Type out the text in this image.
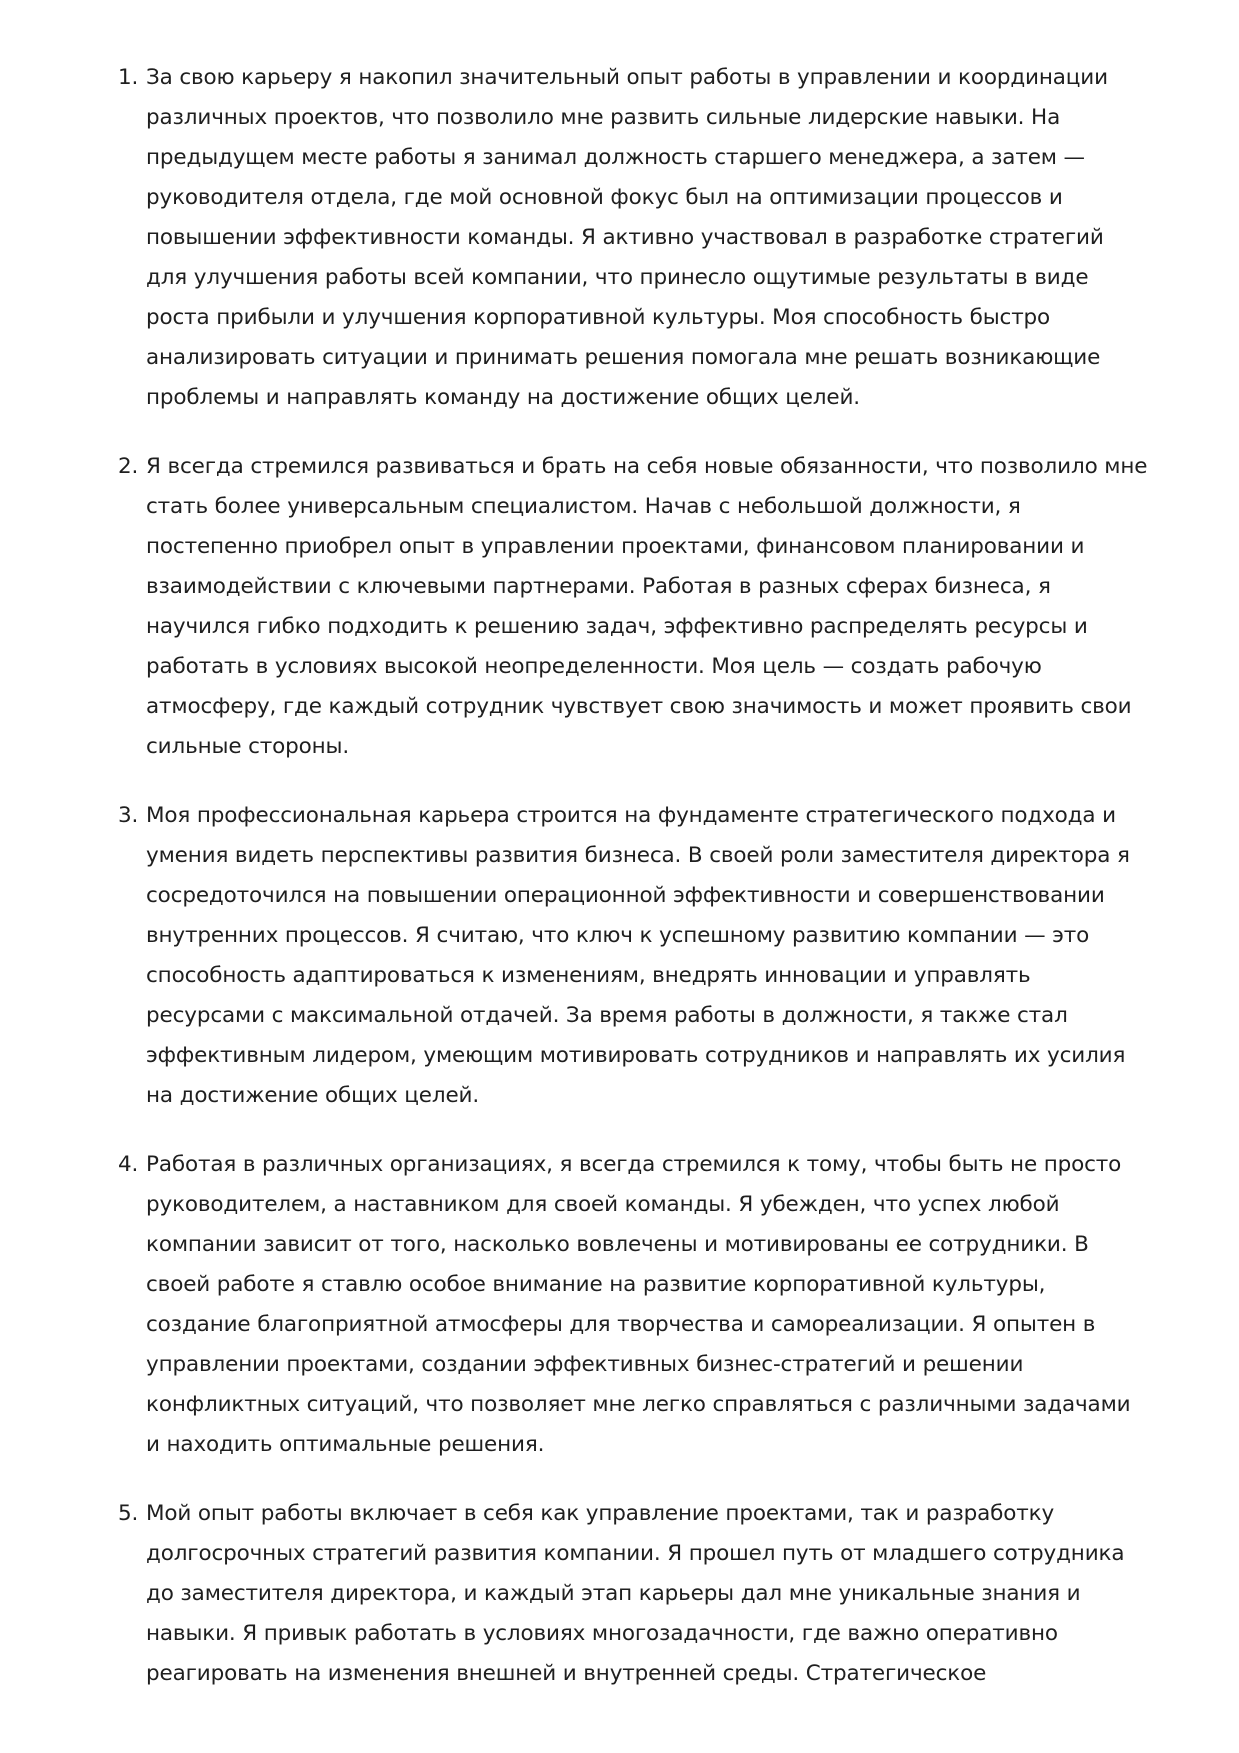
1. За свою карьеру я накопил значительный опыт работы в управлении и координации различных проектов, что позволило мне развить сильные лидерские навыки. На предыдущем месте работы я занимал должность старшего менеджера, а затем — руководителя отдела, где мой основной фокус был на оптимизации процессов и повышении эффективности команды. Я активно участвовал в разработке стратегий для улучшения работы всей компании, что принесло ощутимые результаты в виде роста прибыли и улучшения корпоративной культуры. Моя способность быстро анализировать ситуации и принимать решения помогала мне решать возникающие проблемы и направлять команду на достижение общих целей.
2. Я всегда стремился развиваться и брать на себя новые обязанности, что позволило мне стать более универсальным специалистом. Начав с небольшой должности, я постепенно приобрел опыт в управлении проектами, финансовом планировании и взаимодействии с ключевыми партнерами. Работая в разных сферах бизнеса, я научился гибко подходить к решению задач, эффективно распределять ресурсы и работать в условиях высокой неопределенности. Моя цель — создать рабочую атмосферу, где каждый сотрудник чувствует свою значимость и может проявить свои сильные стороны.
3. Моя профессиональная карьера строится на фундаменте стратегического подхода и умения видеть перспективы развития бизнеса. В своей роли заместителя директора я сосредоточился на повышении операционной эффективности и совершенствовании внутренних процессов. Я считаю, что ключ к успешному развитию компании — это способность адаптироваться к изменениям, внедрять инновации и управлять ресурсами с максимальной отдачей. За время работы в должности, я также стал эффективным лидером, умеющим мотивировать сотрудников и направлять их усилия на достижение общих целей.
4. Работая в различных организациях, я всегда стремился к тому, чтобы быть не просто руководителем, а наставником для своей команды. Я убежден, что успех любой компании зависит от того, насколько вовлечены и мотивированы ее сотрудники. В своей работе я ставлю особое внимание на развитие корпоративной культуры, создание благоприятной атмосферы для творчества и самореализации. Я опытен в управлении проектами, создании эффективных бизнес-стратегий и решении конфликтных ситуаций, что позволяет мне легко справляться с различными задачами и находить оптимальные решения.
5. Мой опыт работы включает в себя как управление проектами, так и разработку долгосрочных стратегий развития компании. Я прошел путь от младшего сотрудника до заместителя директора, и каждый этап карьеры дал мне уникальные знания и навыки. Я привык работать в условиях многозадачности, где важно оперативно реагировать на изменения внешней и внутренней среды. Стратегическое
